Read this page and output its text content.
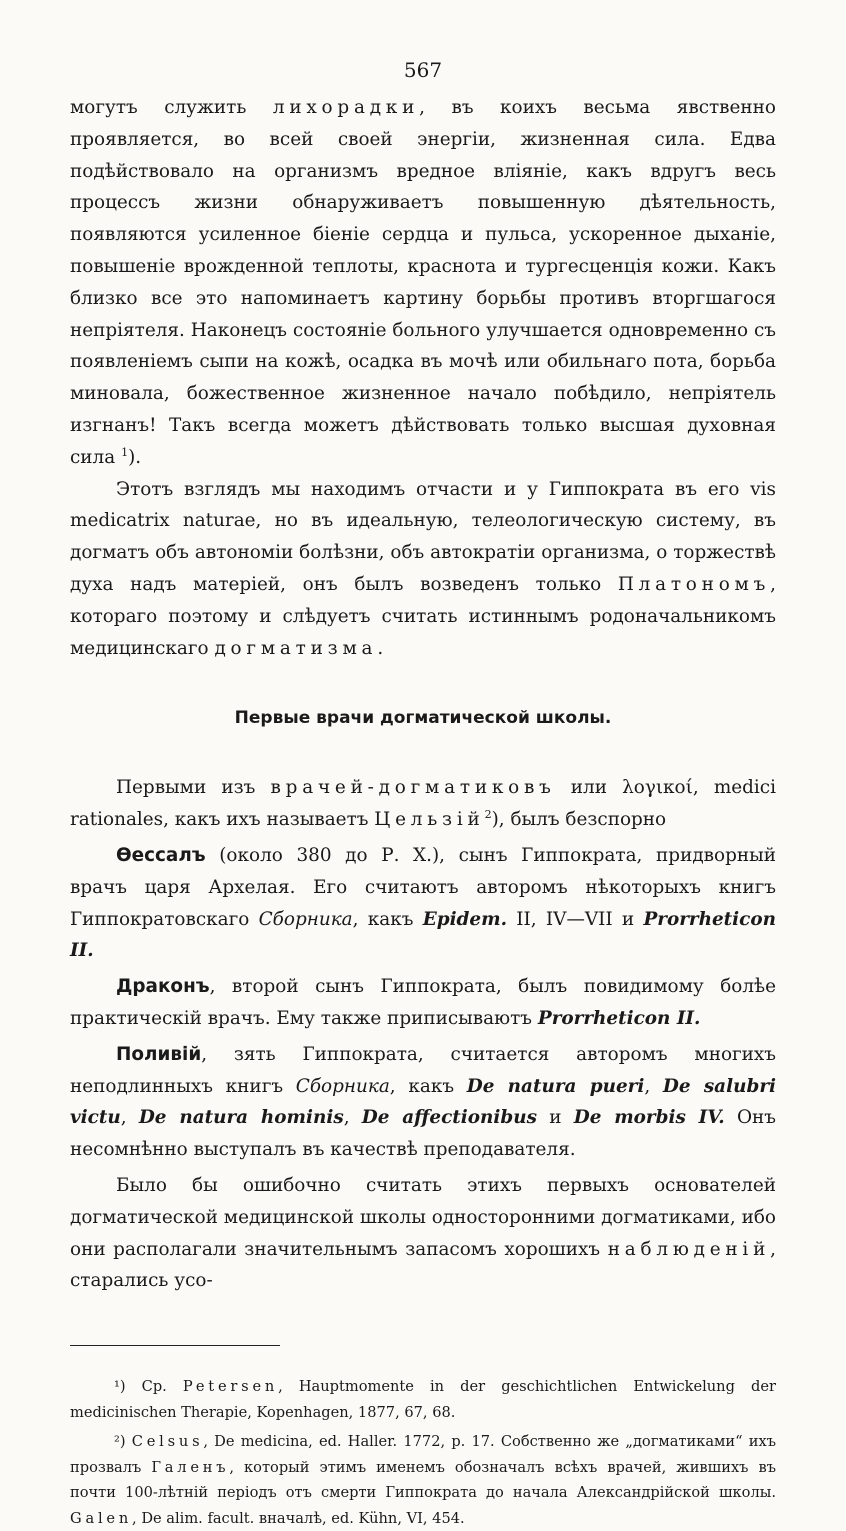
567

могутъ служить лихорадки, въ коихъ весьма явственно проявляется, во всей своей энергіи, жизненная сила. Едва подѣйствовало на организмъ вредное вліяніе, какъ вдругъ весь процессъ жизни обнаруживаетъ повышенную дѣятельность, появляются усиленное біеніе сердца и пульса, ускоренное дыханіе, повышеніе врожденной теплоты, краснота и тургесценція кожи. Какъ близко все это напоминаетъ картину борьбы противъ вторгшагося непріятеля. Наконецъ состояніе больного улучшается одновременно съ появленіемъ сыпи на кожѣ, осадка въ мочѣ или обильнаго пота, борьба миновала, божественное жизненное начало побѣдило, непріятель изгнанъ! Такъ всегда можетъ дѣйствовать только высшая духовная сила $^1$).

Этотъ взглядъ мы находимъ отчасти и у Гиппократа въ его vis medicatrix naturae, но въ идеальную, телеологическую систему, въ догматъ объ автономіи болѣзни, объ автократіи организма, о торжествѣ духа надъ матеріей, онъ былъ возведенъ только Платономъ, котораго поэтому и слѣдуетъ считать истиннымъ родоначальникомъ медицинскаго догматизма.

Первые врачи догматической школы.

Первыми изъ врачей-догматиковъ или λογικοί, medici rationales, какъ ихъ называетъ Цельзій$^2$), былъ безспорно

Өессалъ (около 380 до Р. Х.), сынъ Гиппократа, придворный врачъ царя Архелая. Его считаютъ авторомъ нѣкоторыхъ книгъ Гиппократовскаго Сборника, какъ Epidem. II, IV—VII и Prorrheticon II.

Драконъ, второй сынъ Гиппократа, былъ повидимому болѣе практическій врачъ. Ему также приписываютъ Prorrheticon II.

Поливій, зять Гиппократа, считается авторомъ многихъ неподлинныхъ книгъ Сборника, какъ De natura pueri, De salubri victu, De natura hominis, De affectionibus и De morbis IV. Онъ несомнѣнно выступалъ въ качествѣ преподавателя.

Было бы ошибочно считать этихъ первыхъ основателей догматической медицинской школы односторонними догматиками, ибо они располагали значительнымъ запасомъ хорошихъ наблюденій, старались усо-

¹) Ср. Petersen, Hauptmomente in der geschichtlichen Entwickelung der medicinischen Therapie, Kopenhagen, 1877, 67, 68.

²) Celsus, De medicina, ed. Haller. 1772, p. 17. Собственно же „догматиками“ ихъ прозвалъ Галенъ, который этимъ именемъ обозначалъ всѣхъ врачей, жившихъ въ почти 100-лѣтній періодъ отъ смерти Гиппократа до начала Александрійской школы. Galen, De alim. facult. вначалѣ, ed. Kühn, VI, 454.
